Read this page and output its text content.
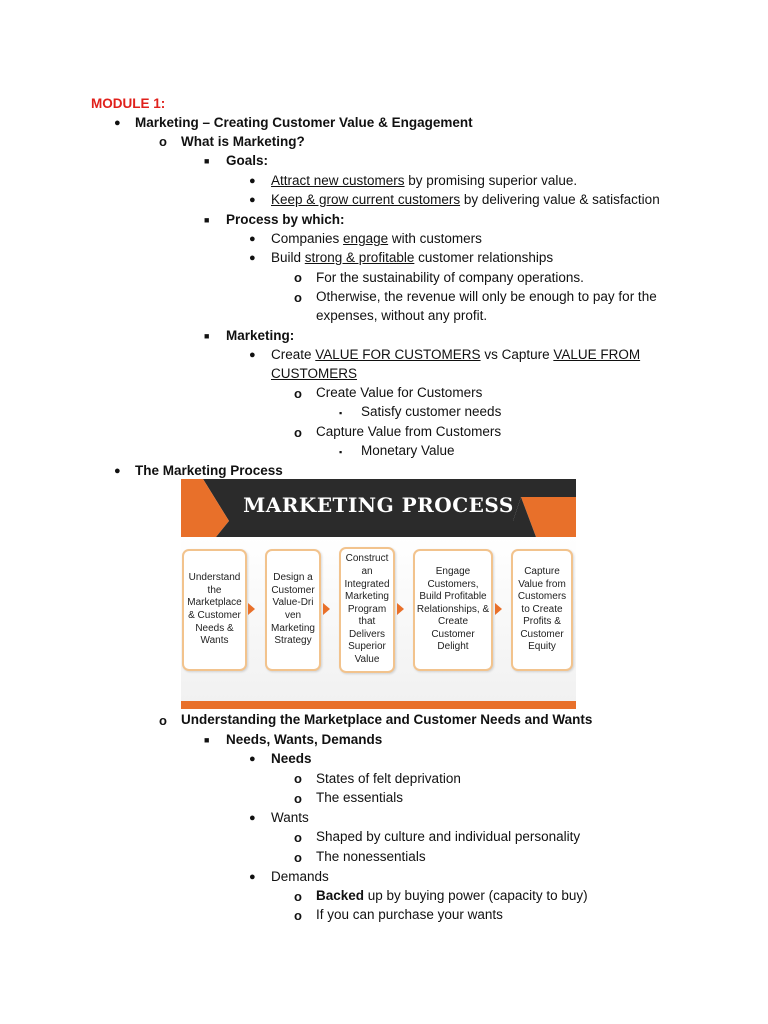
MODULE 1:
● Marketing – Creating Customer Value & Engagement
o What is Marketing?
■ Goals:
● Attract new customers by promising superior value.
● Keep & grow current customers by delivering value & satisfaction
■ Process by which:
● Companies engage with customers
● Build strong & profitable customer relationships
o For the sustainability of company operations.
o Otherwise, the revenue will only be enough to pay for the
expenses, without any profit.
■ Marketing:
● Create VALUE FOR CUSTOMERS vs Capture VALUE FROM
CUSTOMERS
o Create Value for Customers
▪ Satisfy customer needs
o Capture Value from Customers
▪ Monetary Value
● The Marketing Process
MARKETING PROCESS
Understand the Marketplace & Customer Needs & Wants
Design a Customer Value-Dri ven Marketing Strategy
Construct an Integrated Marketing Program that Delivers Superior Value
Engage Customers, Build Profitable Relationships, & Create Customer Delight
Capture Value from Customers to Create Profits & Customer Equity
o Understanding the Marketplace and Customer Needs and Wants
■ Needs, Wants, Demands
● Needs
o States of felt deprivation
o The essentials
● Wants
o Shaped by culture and individual personality
o The nonessentials
● Demands
o Backed up by buying power (capacity to buy)
o If you can purchase your wants
